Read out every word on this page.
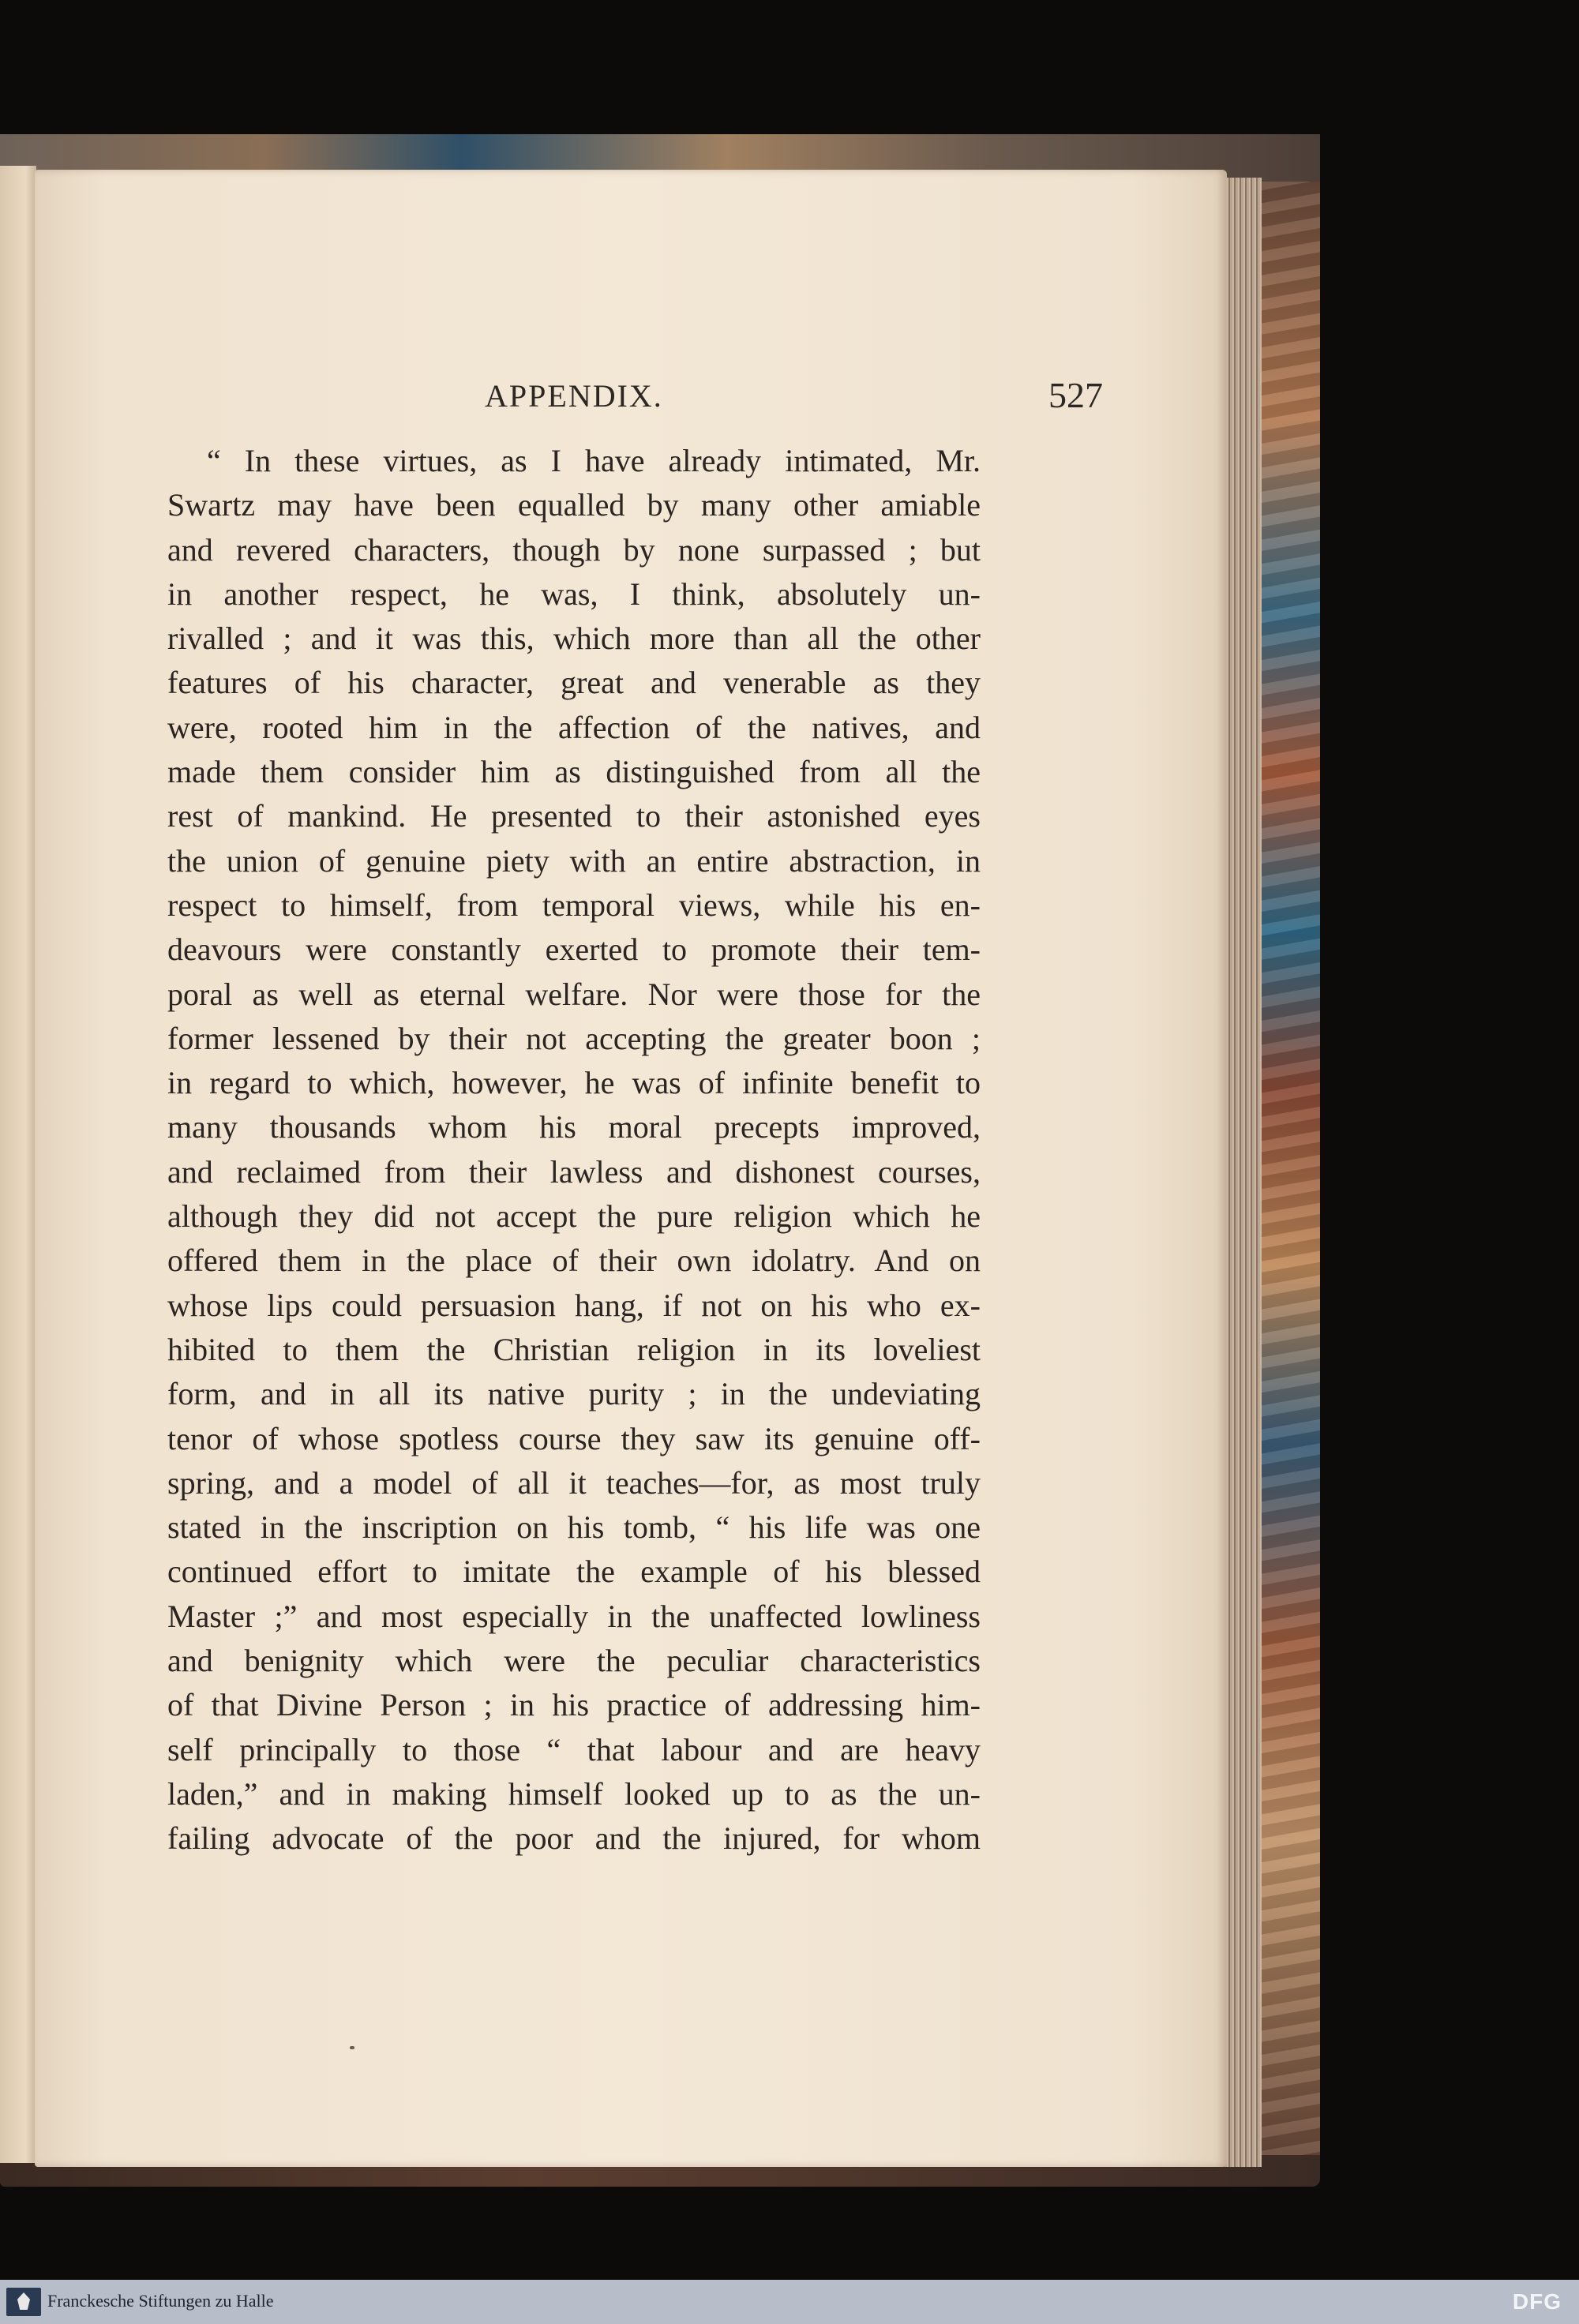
APPENDIX.	527
“ In these virtues, as I have already intimated, Mr.
Swartz may have been equalled by many other amiable
and revered characters, though by none surpassed ; but
in another respect, he was, I think, absolutely un-
rivalled ; and it was this, which more than all the other
features of his character, great and venerable as they
were, rooted him in the affection of the natives, and
made them consider him as distinguished from all the
rest of mankind. He presented to their astonished eyes
the union of genuine piety with an entire abstraction, in
respect to himself, from temporal views, while his en-
deavours were constantly exerted to promote their tem-
poral as well as eternal welfare. Nor were those for the
former lessened by their not accepting the greater boon ;
in regard to which, however, he was of infinite benefit to
many thousands whom his moral precepts improved,
and reclaimed from their lawless and dishonest courses,
although they did not accept the pure religion which he
offered them in the place of their own idolatry. And on
whose lips could persuasion hang, if not on his who ex-
hibited to them the Christian religion in its loveliest
form, and in all its native purity ; in the undeviating
tenor of whose spotless course they saw its genuine off-
spring, and a model of all it teaches—for, as most truly
stated in the inscription on his tomb, “ his life was one
continued effort to imitate the example of his blessed
Master ;” and most especially in the unaffected lowliness
and benignity which were the peculiar characteristics
of that Divine Person ; in his practice of addressing him-
self principally to those “ that labour and are heavy
laden,” and in making himself looked up to as the un-
failing advocate of the poor and the injured, for whom
Franckesche Stiftungen zu Halle	DFG
